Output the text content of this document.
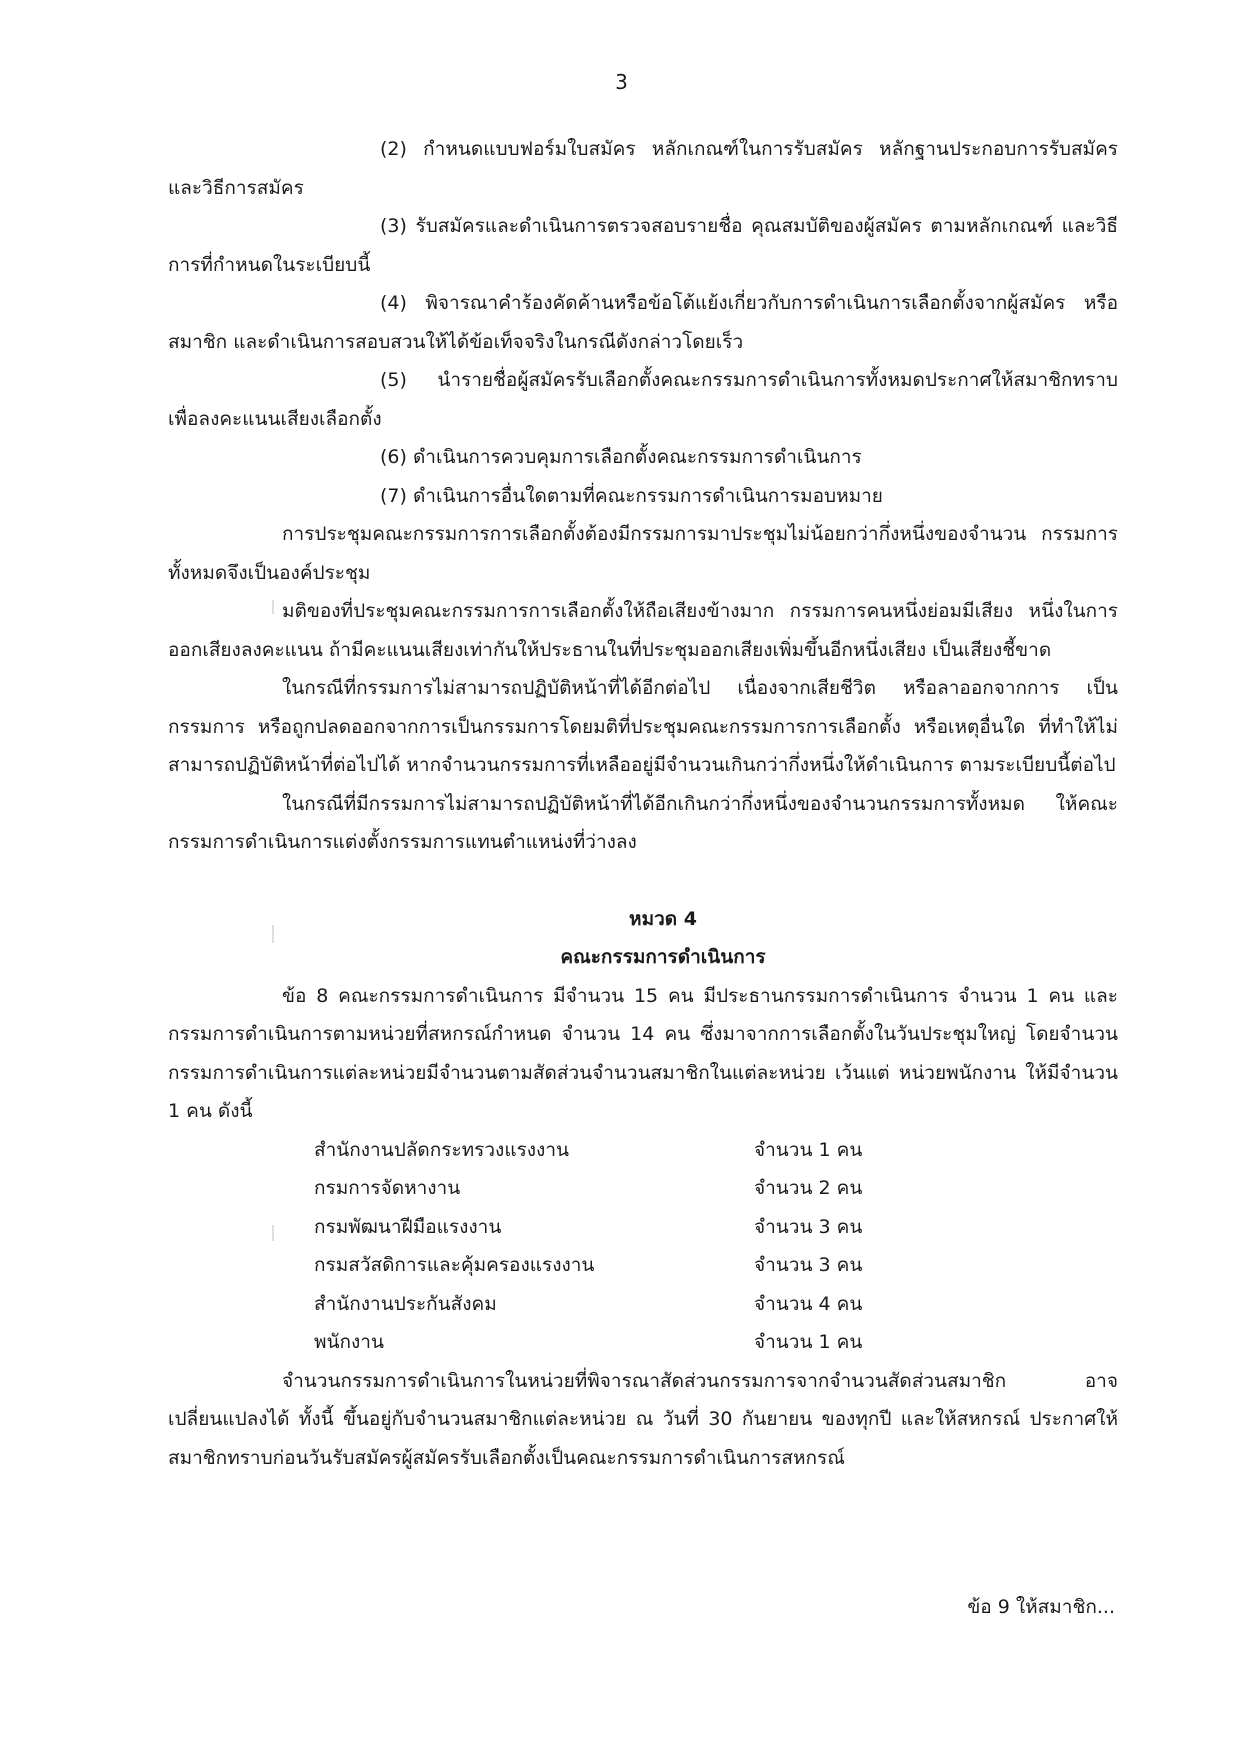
3

(2) กำหนดแบบฟอร์มใบสมัคร หลักเกณฑ์ในการรับสมัคร หลักฐานประกอบการรับสมัคร และวิธีการสมัคร

(3) รับสมัครและดำเนินการตรวจสอบรายชื่อ คุณสมบัติของผู้สมัคร ตามหลักเกณฑ์ และวิธีการที่กำหนดในระเบียบนี้

(4) พิจารณาคำร้องคัดค้านหรือข้อโต้แย้งเกี่ยวกับการดำเนินการเลือกตั้งจากผู้สมัคร หรือสมาชิก และดำเนินการสอบสวนให้ได้ข้อเท็จจริงในกรณีดังกล่าวโดยเร็ว

(5) นำรายชื่อผู้สมัครรับเลือกตั้งคณะกรรมการดำเนินการทั้งหมดประกาศให้สมาชิกทราบ เพื่อลงคะแนนเสียงเลือกตั้ง

(6) ดำเนินการควบคุมการเลือกตั้งคณะกรรมการดำเนินการ

(7) ดำเนินการอื่นใดตามที่คณะกรรมการดำเนินการมอบหมาย

การประชุมคณะกรรมการการเลือกตั้งต้องมีกรรมการมาประชุมไม่น้อยกว่ากึ่งหนึ่งของจำนวน กรรมการทั้งหมดจึงเป็นองค์ประชุม

มติของที่ประชุมคณะกรรมการการเลือกตั้งให้ถือเสียงข้างมาก กรรมการคนหนึ่งย่อมมีเสียง หนึ่งในการออกเสียงลงคะแนน ถ้ามีคะแนนเสียงเท่ากันให้ประธานในที่ประชุมออกเสียงเพิ่มขึ้นอีกหนึ่งเสียง เป็นเสียงชี้ขาด

ในกรณีที่กรรมการไม่สามารถปฏิบัติหน้าที่ได้อีกต่อไป เนื่องจากเสียชีวิต หรือลาออกจากการ เป็นกรรมการ หรือถูกปลดออกจากการเป็นกรรมการโดยมติที่ประชุมคณะกรรมการการเลือกตั้ง หรือเหตุอื่นใด ที่ทำให้ไม่สามารถปฏิบัติหน้าที่ต่อไปได้ หากจำนวนกรรมการที่เหลืออยู่มีจำนวนเกินกว่ากึ่งหนึ่งให้ดำเนินการ ตามระเบียบนี้ต่อไป

ในกรณีที่มีกรรมการไม่สามารถปฏิบัติหน้าที่ได้อีกเกินกว่ากึ่งหนึ่งของจำนวนกรรมการทั้งหมด ให้คณะกรรมการดำเนินการแต่งตั้งกรรมการแทนตำแหน่งที่ว่างลง

หมวด 4

คณะกรรมการดำเนินการ

ข้อ 8 คณะกรรมการดำเนินการ มีจำนวน 15 คน มีประธานกรรมการดำเนินการ จำนวน 1 คน และกรรมการดำเนินการตามหน่วยที่สหกรณ์กำหนด จำนวน 14 คน ซึ่งมาจากการเลือกตั้งในวันประชุมใหญ่ โดยจำนวนกรรมการดำเนินการแต่ละหน่วยมีจำนวนตามสัดส่วนจำนวนสมาชิกในแต่ละหน่วย เว้นแต่ หน่วยพนักงาน ให้มีจำนวน 1 คน ดังนี้

สำนักงานปลัดกระทรวงแรงงาน	จำนวน 1 คน
กรมการจัดหางาน	จำนวน 2 คน
กรมพัฒนาฝีมือแรงงาน	จำนวน 3 คน
กรมสวัสดิการและคุ้มครองแรงงาน	จำนวน 3 คน
สำนักงานประกันสังคม	จำนวน 4 คน
พนักงาน	จำนวน 1 คน

จำนวนกรรมการดำเนินการในหน่วยที่พิจารณาสัดส่วนกรรมการจากจำนวนสัดส่วนสมาชิก อาจเปลี่ยนแปลงได้ ทั้งนี้ ขึ้นอยู่กับจำนวนสมาชิกแต่ละหน่วย ณ วันที่ 30 กันยายน ของทุกปี และให้สหกรณ์ ประกาศให้สมาชิกทราบก่อนวันรับสมัครผู้สมัครรับเลือกตั้งเป็นคณะกรรมการดำเนินการสหกรณ์

ข้อ 9 ให้สมาชิก...
